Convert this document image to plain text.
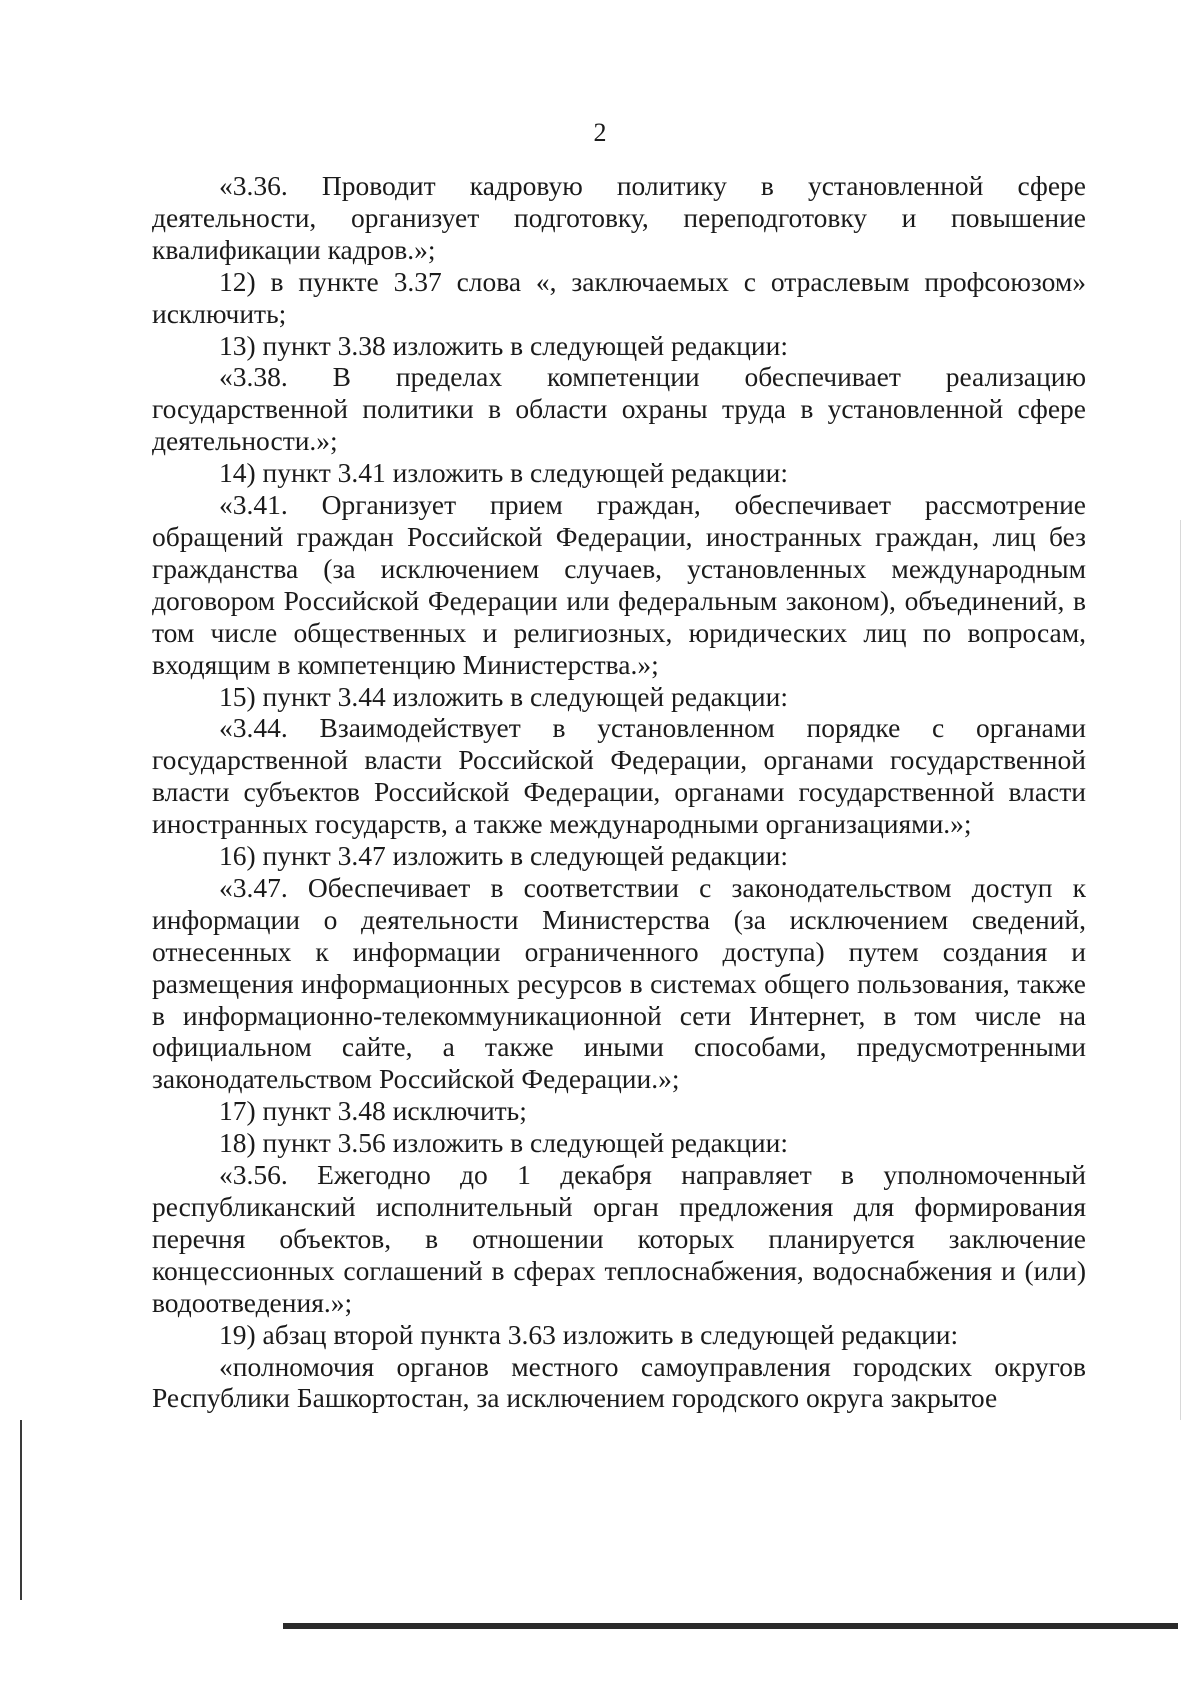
2

«3.36. Проводит кадровую политику в установленной сфере деятельности, организует подготовку, переподготовку и повышение квалификации кадров.»;

12) в пункте 3.37 слова «, заключаемых с отраслевым профсоюзом» исключить;

13) пункт 3.38 изложить в следующей редакции:

«3.38. В пределах компетенции обеспечивает реализацию государственной политики в области охраны труда в установленной сфере деятельности.»;

14) пункт 3.41 изложить в следующей редакции:

«3.41. Организует прием граждан, обеспечивает рассмотрение обращений граждан Российской Федерации, иностранных граждан, лиц без гражданства (за исключением случаев, установленных международным договором Российской Федерации или федеральным законом), объединений, в том числе общественных и религиозных, юридических лиц по вопросам, входящим в компетенцию Министерства.»;

15) пункт 3.44 изложить в следующей редакции:

«3.44. Взаимодействует в установленном порядке с органами государственной власти Российской Федерации, органами государственной власти субъектов Российской Федерации, органами государственной власти иностранных государств, а также международными организациями.»;

16) пункт 3.47 изложить в следующей редакции:

«3.47. Обеспечивает в соответствии с законодательством доступ к информации о деятельности Министерства (за исключением сведений, отнесенных к информации ограниченного доступа) путем создания и размещения информационных ресурсов в системах общего пользования, также в информационно-телекоммуникационной сети Интернет, в том числе на официальном сайте, а также иными способами, предусмотренными законодательством Российской Федерации.»;

17) пункт 3.48 исключить;

18) пункт 3.56 изложить в следующей редакции:

«3.56. Ежегодно до 1 декабря направляет в уполномоченный республиканский исполнительный орган предложения для формирования перечня объектов, в отношении которых планируется заключение концессионных соглашений в сферах теплоснабжения, водоснабжения и (или) водоотведения.»;

19) абзац второй пункта 3.63 изложить в следующей редакции:

«полномочия органов местного самоуправления городских округов Республики Башкортостан, за исключением городского округа закрытое
